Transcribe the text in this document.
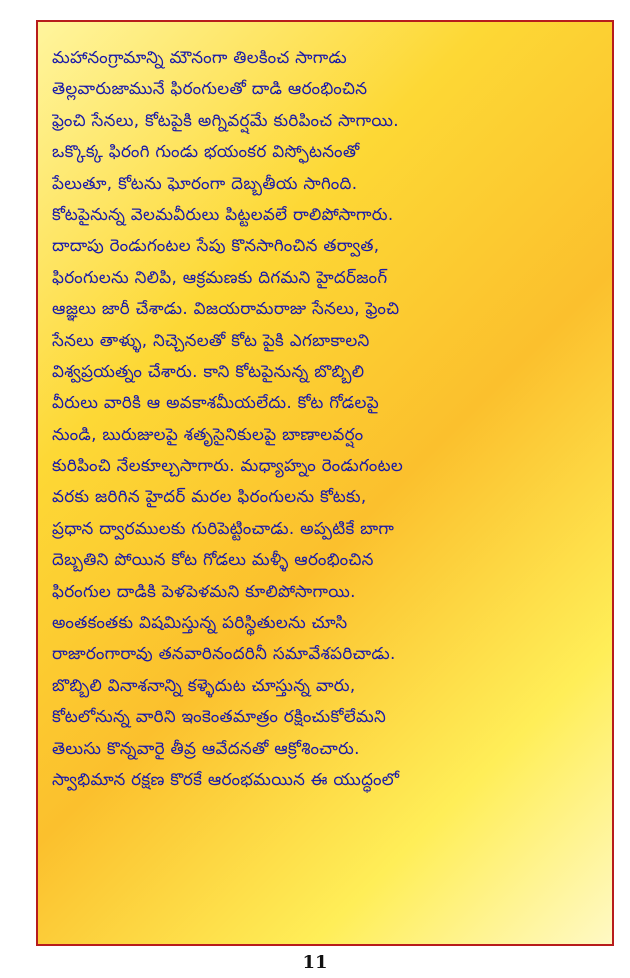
మహానంగ్రామాన్ని మౌనంగా తిలకించ సాగాడు
తెల్లవారుజామునే ఫిరంగులతో దాడి ఆరంభించిన
ఫ్రెంచి సేనలు, కోటపైకి అగ్నివర్షమే కురిపించ సాగాయి.
ఒక్కొక్క ఫిరంగి గుండు భయంకర విస్ఫోటనంతో
పేలుతూ, కోటను ఘోరంగా దెబ్బతీయ సాగింది.
కోటపైనున్న వెలమవీరులు పిట్టలవలే రాలిపోసాగారు.
దాదాపు రెండుగంటల సేపు కొనసాగించిన తర్వాత,
ఫిరంగులను నిలిపి, ఆక్రమణకు దిగమని హైదర్‌జంగ్
ఆజ్ఞలు జారీ చేశాడు. విజయరామరాజు సేనలు, ఫ్రెంచి
సేనలు తాళ్ళు, నిచ్చెనలతో కోట పైకి ఎగబాకాలని
విశ్వప్రయత్నం చేశారు. కాని కోటపైనున్న బొబ్బిలి
వీరులు వారికి ఆ అవకాశమీయలేదు. కోట గోడలపై
నుండి, బురుజులపై శతృసైనికులపై బాణాలవర్షం
కురిపించి నేలకూల్చసాగారు. మధ్యాహ్నం రెండుగంటల
వరకు జరిగిన హైదర్ మరల ఫిరంగులను కోటకు,
ప్రధాన ద్వారములకు గురిపెట్టించాడు. అప్పటికే బాగా
దెబ్బతిని పోయిన కోట గోడలు మళ్ళీ ఆరంభించిన
ఫిరంగుల దాడికి పెళపెళమని కూలిపోసాగాయి.
అంతకంతకు విషమిస్తున్న పరిస్థితులను చూసి
రాజారంగారావు తనవారినందరినీ సమావేశపరిచాడు.
బొబ్బిలి వినాశనాన్ని కళ్ళెదుట చూస్తున్న వారు,
కోటలోనున్న వారిని ఇంకెంతమాత్రం రక్షించుకోలేమని
తెలుసు కొన్నవారై తీవ్ర ఆవేదనతో ఆక్రోశించారు.
స్వాభిమాన రక్షణ కొరకే ఆరంభమయిన ఈ యుద్ధంలో
11
